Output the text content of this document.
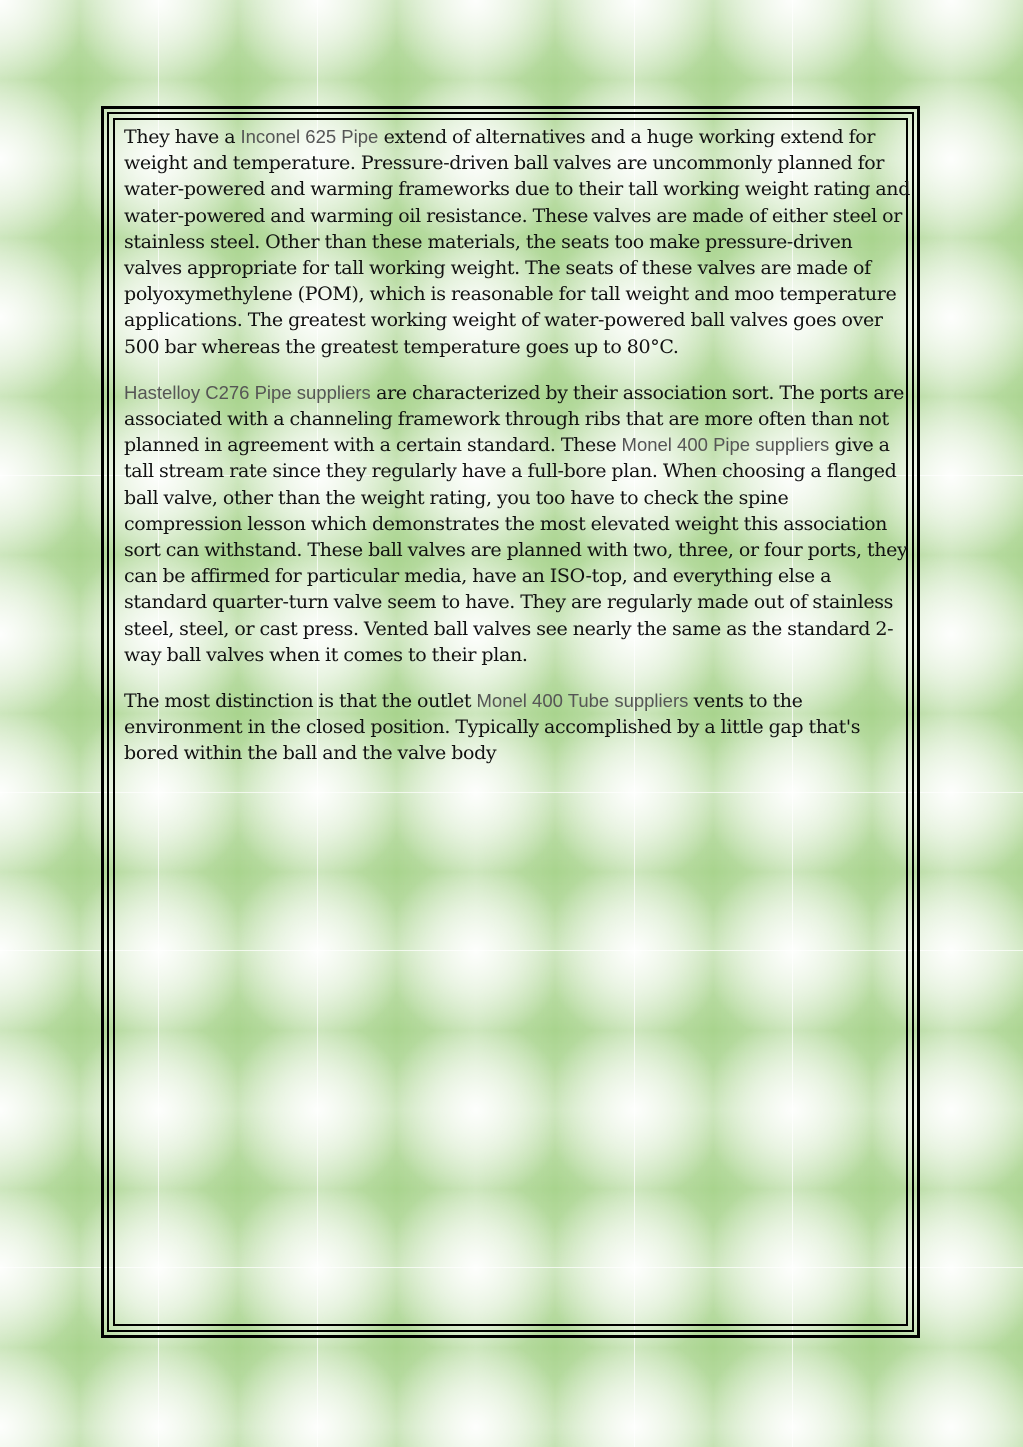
They have a Inconel 625 Pipe extend of alternatives and a huge working extend for weight and temperature. Pressure-driven ball valves are uncommonly planned for water-powered and warming frameworks due to their tall working weight rating and water-powered and warming oil resistance. These valves are made of either steel or stainless steel. Other than these materials, the seats too make pressure-driven valves appropriate for tall working weight. The seats of these valves are made of polyoxymethylene (POM), which is reasonable for tall weight and moo temperature applications. The greatest working weight of water-powered ball valves goes over 500 bar whereas the greatest temperature goes up to 80°C.

Hastelloy C276 Pipe suppliers are characterized by their association sort. The ports are associated with a channeling framework through ribs that are more often than not planned in agreement with a certain standard. These Monel 400 Pipe suppliers give a tall stream rate since they regularly have a full-bore plan. When choosing a flanged ball valve, other than the weight rating, you too have to check the spine compression lesson which demonstrates the most elevated weight this association sort can withstand. These ball valves are planned with two, three, or four ports, they can be affirmed for particular media, have an ISO-top, and everything else a standard quarter-turn valve seem to have. They are regularly made out of stainless steel, steel, or cast press. Vented ball valves see nearly the same as the standard 2-way ball valves when it comes to their plan.

The most distinction is that the outlet Monel 400 Tube suppliers vents to the environment in the closed position. Typically accomplished by a little gap that's bored within the ball and the valve body
